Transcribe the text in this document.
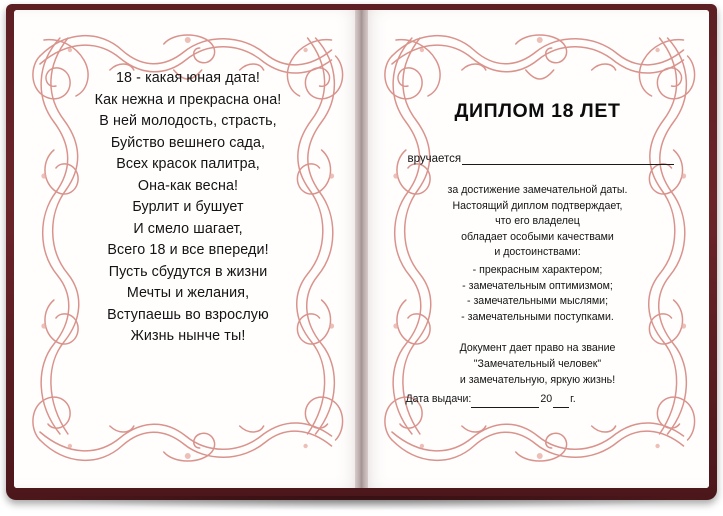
18 - какая юная дата!
Как нежна и прекрасна она!
В ней молодость, страсть,
Буйство вешнего сада,
Всех красок палитра,
Она-как весна!
Бурлит и бушует
И смело шагает,
Всего 18 и все впереди!
Пусть сбудутся в жизни
Мечты и желания,
Вступаешь во взрослую
Жизнь нынче ты!
ДИПЛОМ 18 ЛЕТ
вручается
за достижение замечательной даты.
Настоящий диплом подтверждает,
что его владелец
обладает особыми качествами
и достоинствами:
- прекрасным характером;
- замечательным оптимизмом;
- замечательными мыслями;
- замечательными поступками.
Документ дает право на звание
"Замечательный человек"
и замечательную, яркую жизнь!
Дата выдачи:	20 г.
